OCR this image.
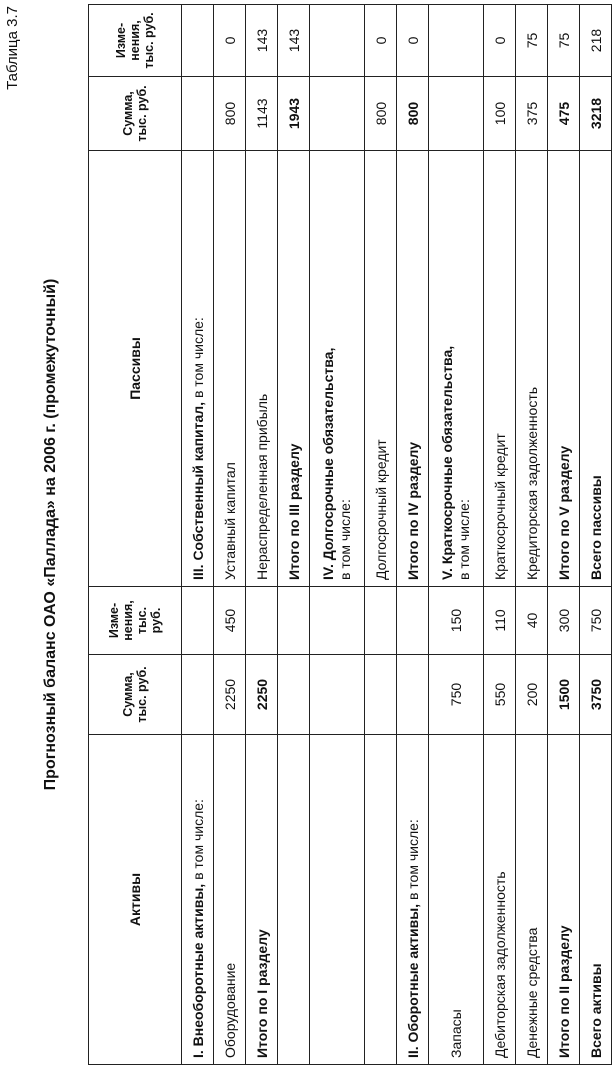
Таблица 3.7
Прогнозный баланс ОАО «Паллада» на 2006 г. (промежуточный)
Активы	Сумма, тыс. руб.	Изме-нения, тыс. руб.	Пассивы	Сумма, тыс. руб.	Изме-нения, тыс. руб.
I. Внеоборотные активы, в том числе:			III. Собственный капитал, в том числе:		
Оборудование	2250	450	Уставный капитал	800	0
Итого по I разделу	2250		Нераспределенная прибыль	1143	143
			Итого по III разделу	1943	143
			IV. Долгосрочные обязательства, в том числе:		

			Долгосрочный кредит	800	0
II. Оборотные активы, в том числе:			Итого по IV разделу	800	0
Запасы	750	150	V. Краткосрочные обязательства, в том числе:		

Дебиторская задолженность	550	110	Краткосрочный кредит	100	0
Денежные средства	200	40	Кредиторская задолженность	375	75
Итого по II разделу	1500	300	Итого по V разделу	475	75
Всего активы	3750	750	Всего пассивы	3218	218
